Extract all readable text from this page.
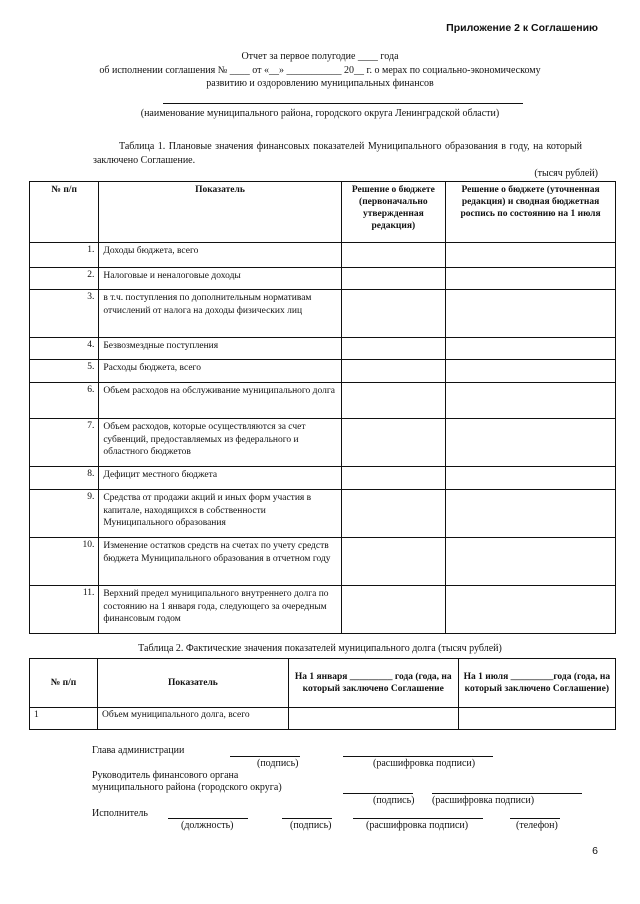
Приложение 2 к Соглашению
Отчет за первое полугодие ____ года
об исполнении соглашения № ____ от «__» ___________ 20__ г. о мерах по социально-экономическому
развитию и оздоровлению муниципальных финансов
(наименование муниципального района, городского округа Ленинградской области)
Таблица 1. Плановые значения финансовых показателей Муниципального образования в году, на который заключено Соглашение.
(тысяч рублей)
№ п/п	Показатель	Решение о бюджете (первоначально утвержденная редакция)	Решение о бюджете (уточненная редакция) и сводная бюджетная роспись по состоянию на 1 июля
1.	Доходы бюджета, всего		
2.	Налоговые и неналоговые доходы		
3.	в т.ч. поступления по дополнительным нормативам отчислений от налога на доходы физических лиц		
4.	Безвозмездные поступления		
5.	Расходы бюджета, всего		
6.	Объем расходов на обслуживание муниципального долга		
7.	Объем расходов, которые осуществляются за счет субвенций, предоставляемых из федерального и областного бюджетов		
8.	Дефицит местного бюджета		
9.	Средства от продажи акций и иных форм участия в капитале, находящихся в собственности Муниципального образования		
10.	Изменение остатков средств на счетах по учету средств бюджета Муниципального образования в отчетном году		
11.	Верхний предел муниципального внутреннего долга по состоянию на 1 января года, следующего за очередным финансовым годом		
Таблица 2. Фактические значения показателей муниципального долга (тысяч рублей)
№ п/п	Показатель	На 1 января _________ года (года, на который заключено Соглашение	На 1 июля _________года (года, на который заключено Соглашение)
1	Объем муниципального долга, всего		
Глава администрации
(подпись)	(расшифровка подписи)
Руководитель финансового органа
муниципального района (городского округа)
(подпись) (расшифровка подписи)
Исполнитель
(должность)	(подпись)	(расшифровка подписи)	(телефон)
6
